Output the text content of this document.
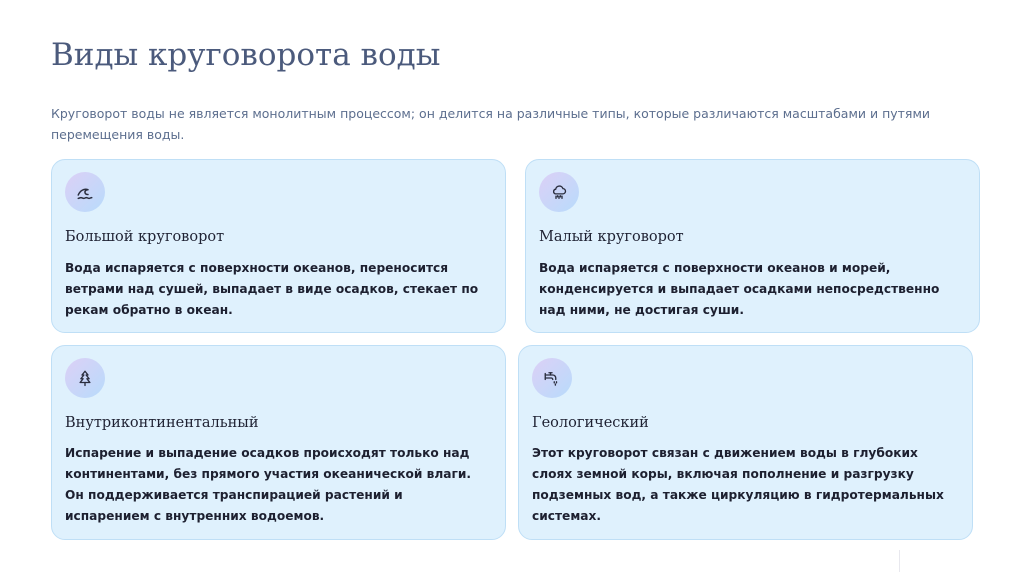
Виды круговорота воды

Круговорот воды не является монолитным процессом; он делится на различные типы, которые различаются масштабами и путями перемещения воды.

Большой круговорот

Вода испаряется с поверхности океанов, переносится ветрами над сушей, выпадает в виде осадков, стекает по рекам обратно в океан.

Малый круговорот

Вода испаряется с поверхности океанов и морей, конденсируется и выпадает осадками непосредственно над ними, не достигая суши.

Внутриконтинентальный

Испарение и выпадение осадков происходят только над континентами, без прямого участия океанической влаги. Он поддерживается транспирацией растений и испарением с внутренних водоемов.

Геологический

Этот круговорот связан с движением воды в глубоких слоях земной коры, включая пополнение и разгрузку подземных вод, а также циркуляцию в гидротермальных системах.
